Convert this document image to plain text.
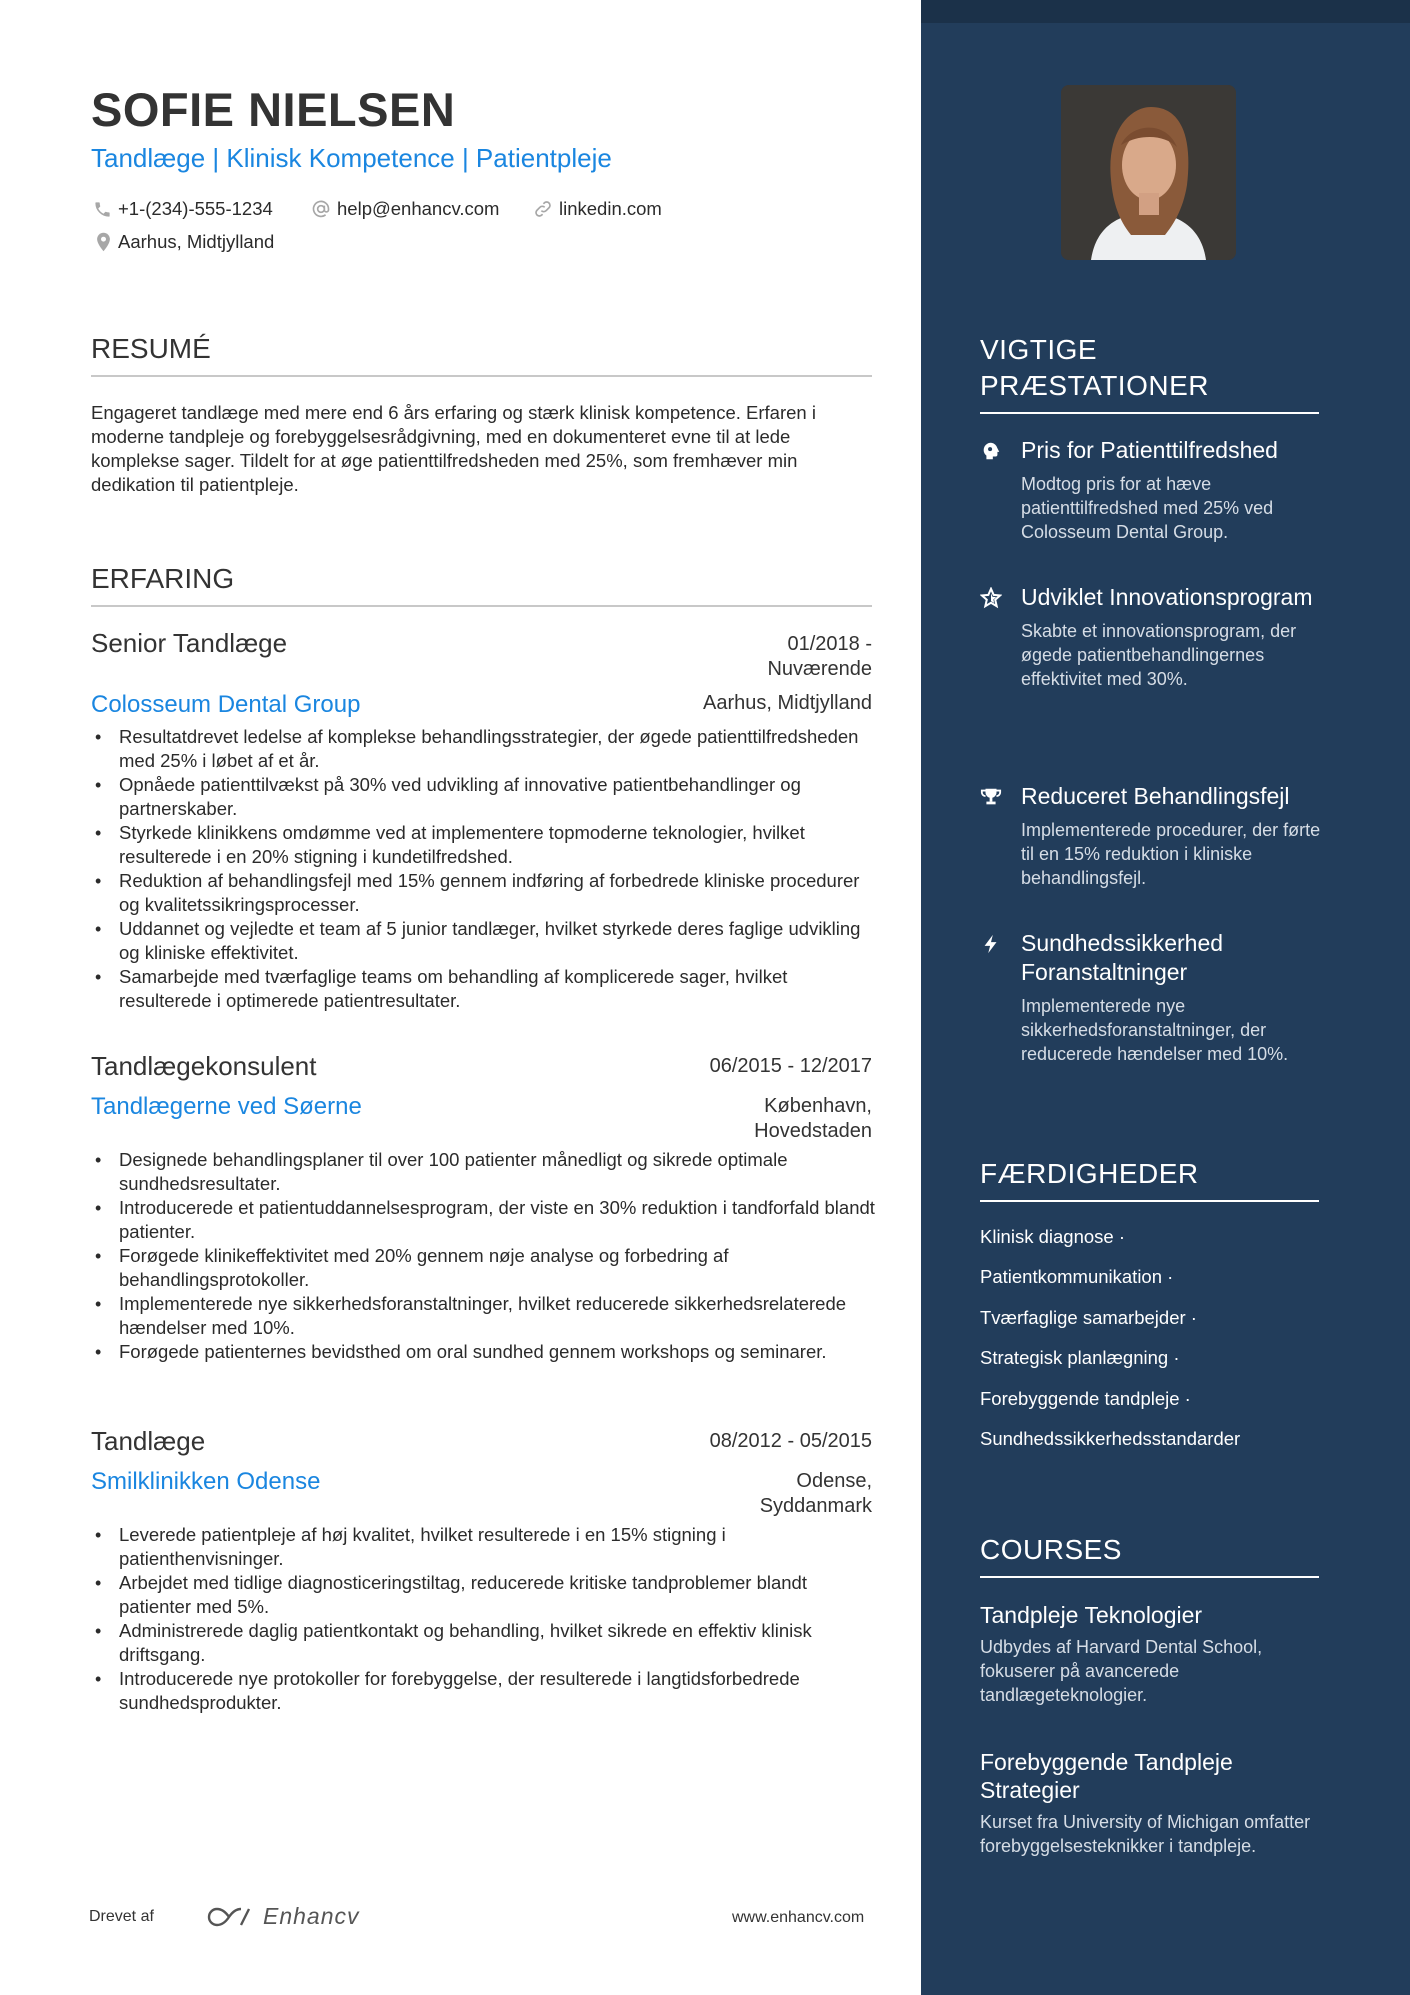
VIGTIGE PRÆSTATIONER
Pris for Patienttilfredshed
Modtog pris for at hæve patienttilfredshed med 25% ved Colosseum Dental Group.
Udviklet Innovationsprogram
Skabte et innovationsprogram, der øgede patientbehandlingernes effektivitet med 30%.
Reduceret Behandlingsfejl
Implementerede procedurer, der førte til en 15% reduktion i kliniske behandlingsfejl.
Sundhedssikkerhed Foranstaltninger
Implementerede nye sikkerhedsforanstaltninger, der reducerede hændelser med 10%.
FÆRDIGHEDER
Klinisk diagnose ·
Patientkommunikation ·
Tværfaglige samarbejder ·
Strategisk planlægning ·
Forebyggende tandpleje ·
Sundhedssikkerhedsstandarder
COURSES
Tandpleje Teknologier
Udbydes af Harvard Dental School, fokuserer på avancerede tandlægeteknologier.
Forebyggende Tandpleje Strategier
Kurset fra University of Michigan omfatter forebyggelsesteknikker i tandpleje.
SOFIE NIELSEN
Tandlæge | Klinisk Kompetence | Patientpleje
+1-(234)-555-1234	help@enhancv.com	linkedin.com
Aarhus, Midtjylland
RESUMÉ
Engageret tandlæge med mere end 6 års erfaring og stærk klinisk kompetence. Erfaren i moderne tandpleje og forebyggelsesrådgivning, med en dokumenteret evne til at lede komplekse sager. Tildelt for at øge patienttilfredsheden med 25%, som fremhæver min dedikation til patientpleje.
ERFARING
Senior Tandlæge	01/2018 -
Nuværende
Colosseum Dental Group	Aarhus, Midtjylland
• Resultatdrevet ledelse af komplekse behandlingsstrategier, der øgede patienttilfredsheden med 25% i løbet af et år.
• Opnåede patienttilvækst på 30% ved udvikling af innovative patientbehandlinger og partnerskaber.
• Styrkede klinikkens omdømme ved at implementere topmoderne teknologier, hvilket resulterede i en 20% stigning i kundetilfredshed.
• Reduktion af behandlingsfejl med 15% gennem indføring af forbedrede kliniske procedurer og kvalitetssikringsprocesser.
• Uddannet og vejledte et team af 5 junior tandlæger, hvilket styrkede deres faglige udvikling og kliniske effektivitet.
• Samarbejde med tværfaglige teams om behandling af komplicerede sager, hvilket resulterede i optimerede patientresultater.
Tandlægekonsulent	06/2015 - 12/2017
Tandlægerne ved Søerne	København,
Hovedstaden
• Designede behandlingsplaner til over 100 patienter månedligt og sikrede optimale sundhedsresultater.
• Introducerede et patientuddannelsesprogram, der viste en 30% reduktion i tandforfald blandt patienter.
• Forøgede klinikeffektivitet med 20% gennem nøje analyse og forbedring af behandlingsprotokoller.
• Implementerede nye sikkerhedsforanstaltninger, hvilket reducerede sikkerhedsrelaterede hændelser med 10%.
• Forøgede patienternes bevidsthed om oral sundhed gennem workshops og seminarer.
Tandlæge	08/2012 - 05/2015
Smilklinikken Odense	Odense,
Syddanmark
• Leverede patientpleje af høj kvalitet, hvilket resulterede i en 15% stigning i patienthenvisninger.
• Arbejdet med tidlige diagnosticeringstiltag, reducerede kritiske tandproblemer blandt patienter med 5%.
• Administrerede daglig patientkontakt og behandling, hvilket sikrede en effektiv klinisk driftsgang.
• Introducerede nye protokoller for forebyggelse, der resulterede i langtidsforbedrede sundhedsprodukter.
Drevet af	Enhancv	www.enhancv.com
